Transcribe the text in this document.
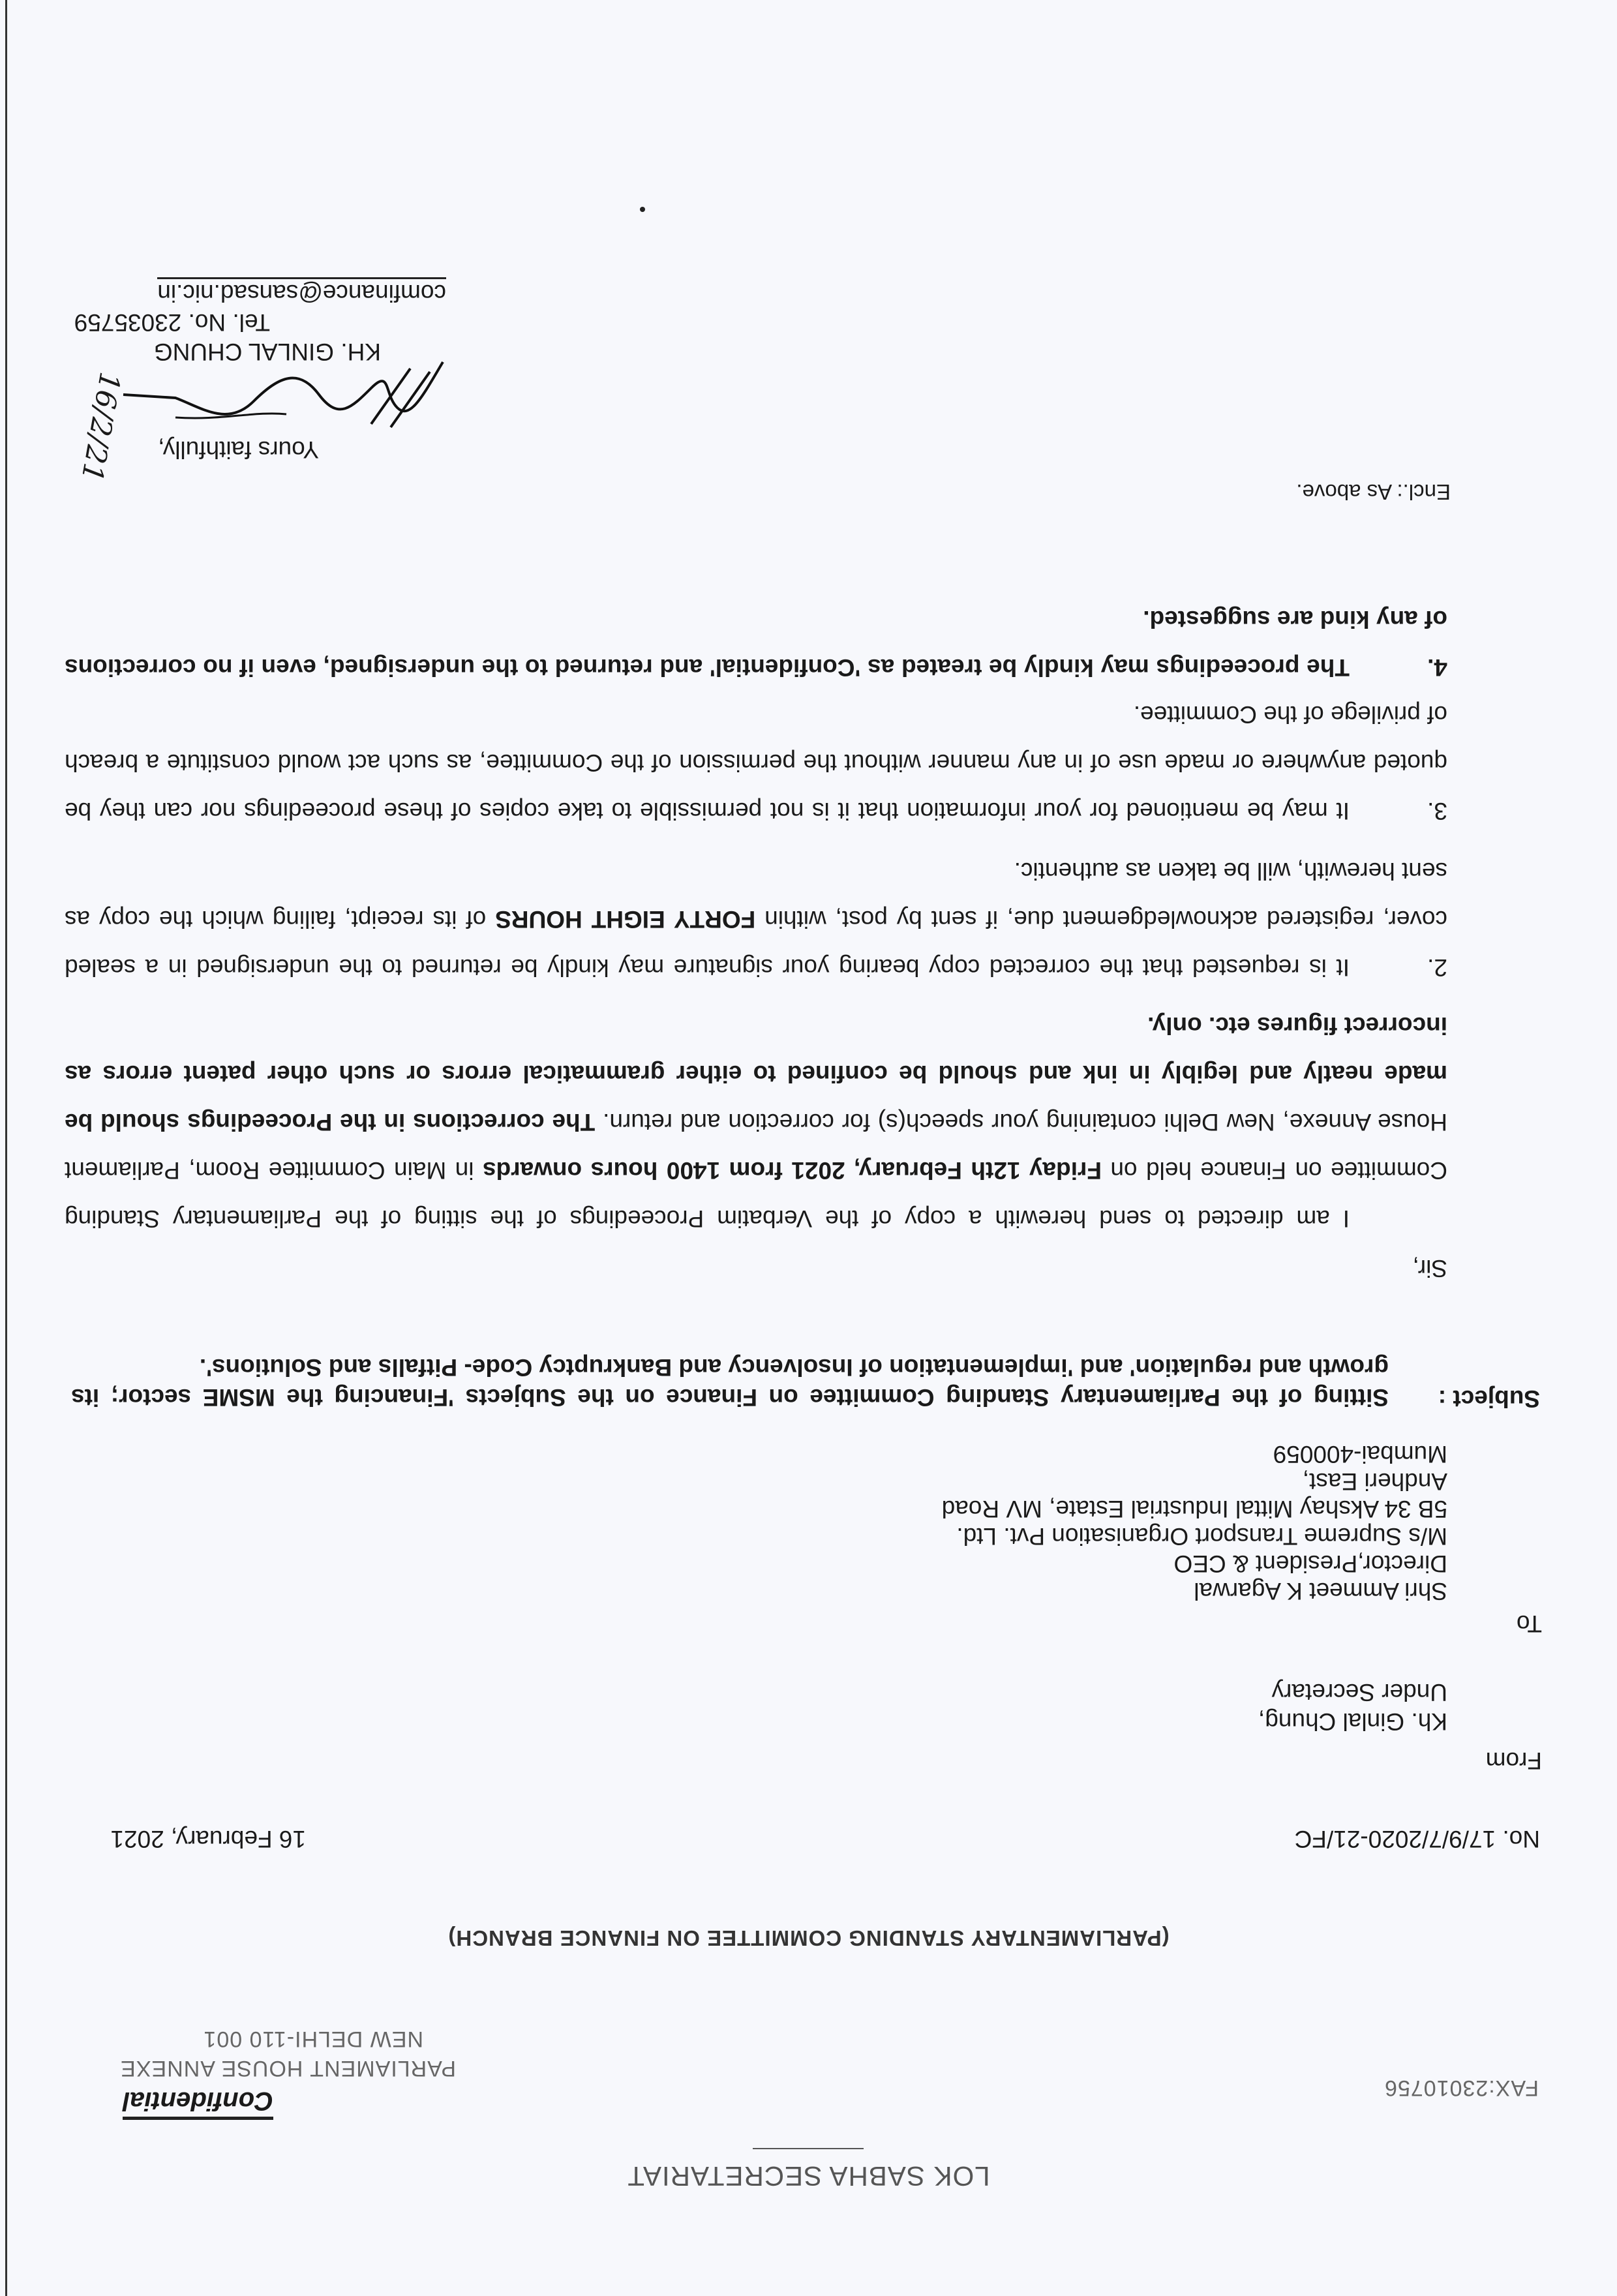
LOK SABHA SECRETARIAT
FAX:23010756
Confidential
PARLIAMENT HOUSE ANNEXE
NEW DELHI-110 001
(PARLIAMENTARY STANDING COMMITTEE ON FINANCE BRANCH)
No. 17/9/7/2020-21/FC
16 February, 2021
From
Kh. Ginlal Chung,
Under Secretary
To
Shri Ammeet K Agarwal
Director,President & CEO
M/s Supreme Transport Organisation Pvt. Ltd.
5B 34 Akshay Mittal Industrial Estate, MV Road
Andheri East,
Mumbai-400059
Subject :
Sitting of the Parliamentary Standing Committee on Finance on the Subjects 'Financing the MSME sector; its growth and regulation' and 'implementation of Insolvency and Bankruptcy Code- Pitfalls and Solutions'.
Sir,

I am directed to send herewith a copy of the Verbatim Proceedings of the sitting of the Parliamentary Standing Committee on Finance held on Friday 12th February, 2021 from 1400 hours onwards in Main Committee Room, Parliament House Annexe, New Delhi containing your speech(s) for correction and return. The corrections in the Proceedings should be made neatly and legibly in ink and should be confined to either grammatical errors or such other patent errors as incorrect figures etc. only.

2.It is requested that the corrected copy bearing your signature may kindly be returned to the undersigned in a sealed cover, registered acknowledgement due, if sent by post, within FORTY EIGHT HOURS of its receipt, failing which the copy as sent herewith, will be taken as authentic.

3.It may be mentioned for your information that it is not permissible to take copies of these proceedings nor can they be quoted anywhere or made use of in any manner without the permission of the Committee, as such act would constitute a breach of privilege of the Committee.

4.The proceedings may kindly be treated as 'Confidential' and returned to the undersigned, even if no corrections of any kind are suggested.

Encl.: As above.
Yours faithfully,
16/2/21
KH. GINLAL CHUNG
Tel. No. 23035759
comfinance@sansad.nic.in
